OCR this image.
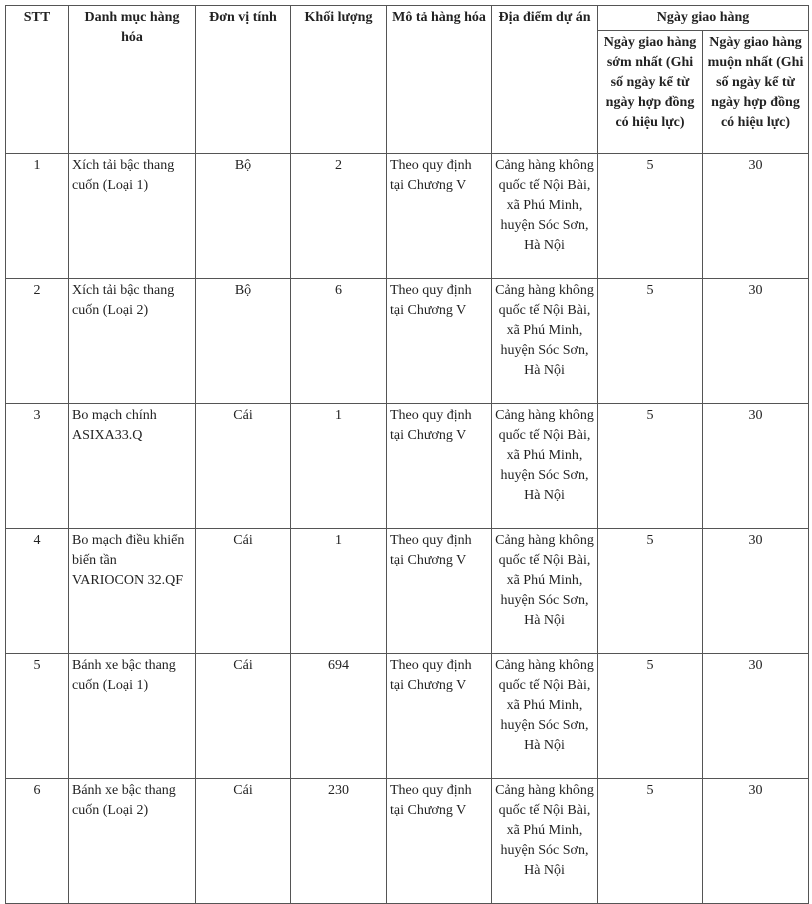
STT	Danh mục hàng hóa	Đơn vị tính	Khối lượng	Mô tả hàng hóa	Địa điểm dự án	Ngày giao hàng	
						Ngày giao hàng sớm nhất (Ghi số ngày kể từ ngày hợp đồng có hiệu lực)	Ngày giao hàng muộn nhất (Ghi số ngày kể từ ngày hợp đồng có hiệu lực)
1	Xích tải bậc thang cuốn (Loại 1)	Bộ	2	Theo quy định tại Chương V	Cảng hàng không quốc tế Nội Bài, xã Phú Minh, huyện Sóc Sơn, Hà Nội	5	30
2	Xích tải bậc thang cuốn (Loại 2)	Bộ	6	Theo quy định tại Chương V	Cảng hàng không quốc tế Nội Bài, xã Phú Minh, huyện Sóc Sơn, Hà Nội	5	30
3	Bo mạch chính ASIXA33.Q	Cái	1	Theo quy định tại Chương V	Cảng hàng không quốc tế Nội Bài, xã Phú Minh, huyện Sóc Sơn, Hà Nội	5	30
4	Bo mạch điều khiển biến tần VARIOCON 32.QF	Cái	1	Theo quy định tại Chương V	Cảng hàng không quốc tế Nội Bài, xã Phú Minh, huyện Sóc Sơn, Hà Nội	5	30
5	Bánh xe bậc thang cuốn (Loại 1)	Cái	694	Theo quy định tại Chương V	Cảng hàng không quốc tế Nội Bài, xã Phú Minh, huyện Sóc Sơn, Hà Nội	5	30
6	Bánh xe bậc thang cuốn (Loại 2)	Cái	230	Theo quy định tại Chương V	Cảng hàng không quốc tế Nội Bài, xã Phú Minh, huyện Sóc Sơn, Hà Nội	5	30
